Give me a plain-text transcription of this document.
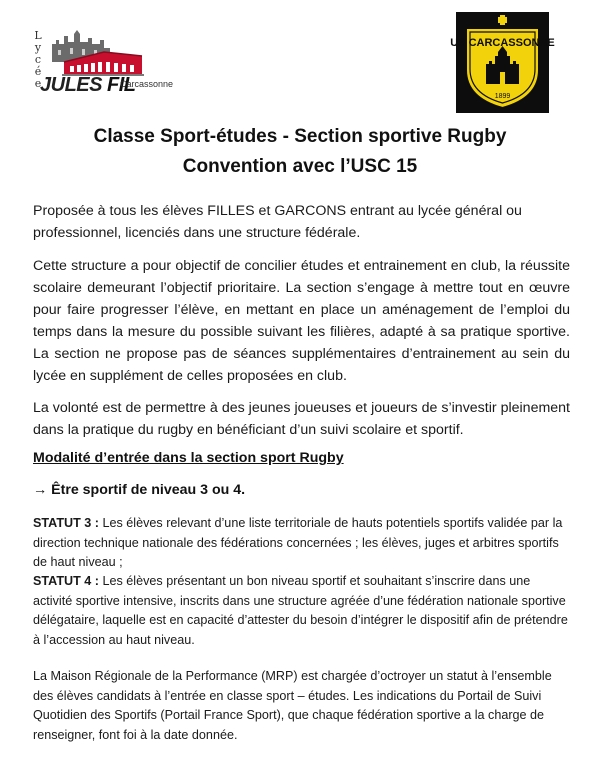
L
y
c
é
e
JULES FIL
Carcassonne
US CARCASSONNE
1899
Classe Sport-études - Section sportive Rugby
Convention avec l’USC 15
Proposée à tous les élèves FILLES et GARCONS entrant au lycée général ou professionnel, licenciés dans une structure fédérale.
Cette structure a pour objectif de concilier études et entrainement en club, la réussite scolaire demeurant l’objectif prioritaire. La section s’engage à mettre tout en œuvre pour faire progresser l’élève, en mettant en place un aménagement de l’emploi du temps dans la mesure du possible suivant les filières, adapté à sa pratique sportive. La section ne propose pas de séances supplémentaires d’entrainement au sein du lycée en supplément de celles proposées en club.
La volonté est de permettre à des jeunes joueuses et joueurs de s’investir pleinement dans la pratique du rugby en bénéficiant d’un suivi scolaire et sportif.
Modalité d’entrée dans la section sport Rugby
→ Être sportif de niveau 3 ou 4.
STATUT 3 : Les élèves relevant d’une liste territoriale de hauts potentiels sportifs validée par la direction technique nationale des fédérations concernées ; les élèves, juges et arbitres sportifs de haut niveau ;
STATUT 4 : Les élèves présentant un bon niveau sportif et souhaitant s’inscrire dans une activité sportive intensive, inscrits dans une structure agréée d’une fédération nationale sportive délégataire, laquelle est en capacité d’attester du besoin d’intégrer le dispositif afin de prétendre à l’accession au haut niveau.
La Maison Régionale de la Performance (MRP) est chargée d’octroyer un statut à l’ensemble des élèves candidats à l’entrée en classe sport – études. Les indications du Portail de Suivi Quotidien des Sportifs (Portail France Sport), que chaque fédération sportive a la charge de renseigner, font foi à la date donnée.
